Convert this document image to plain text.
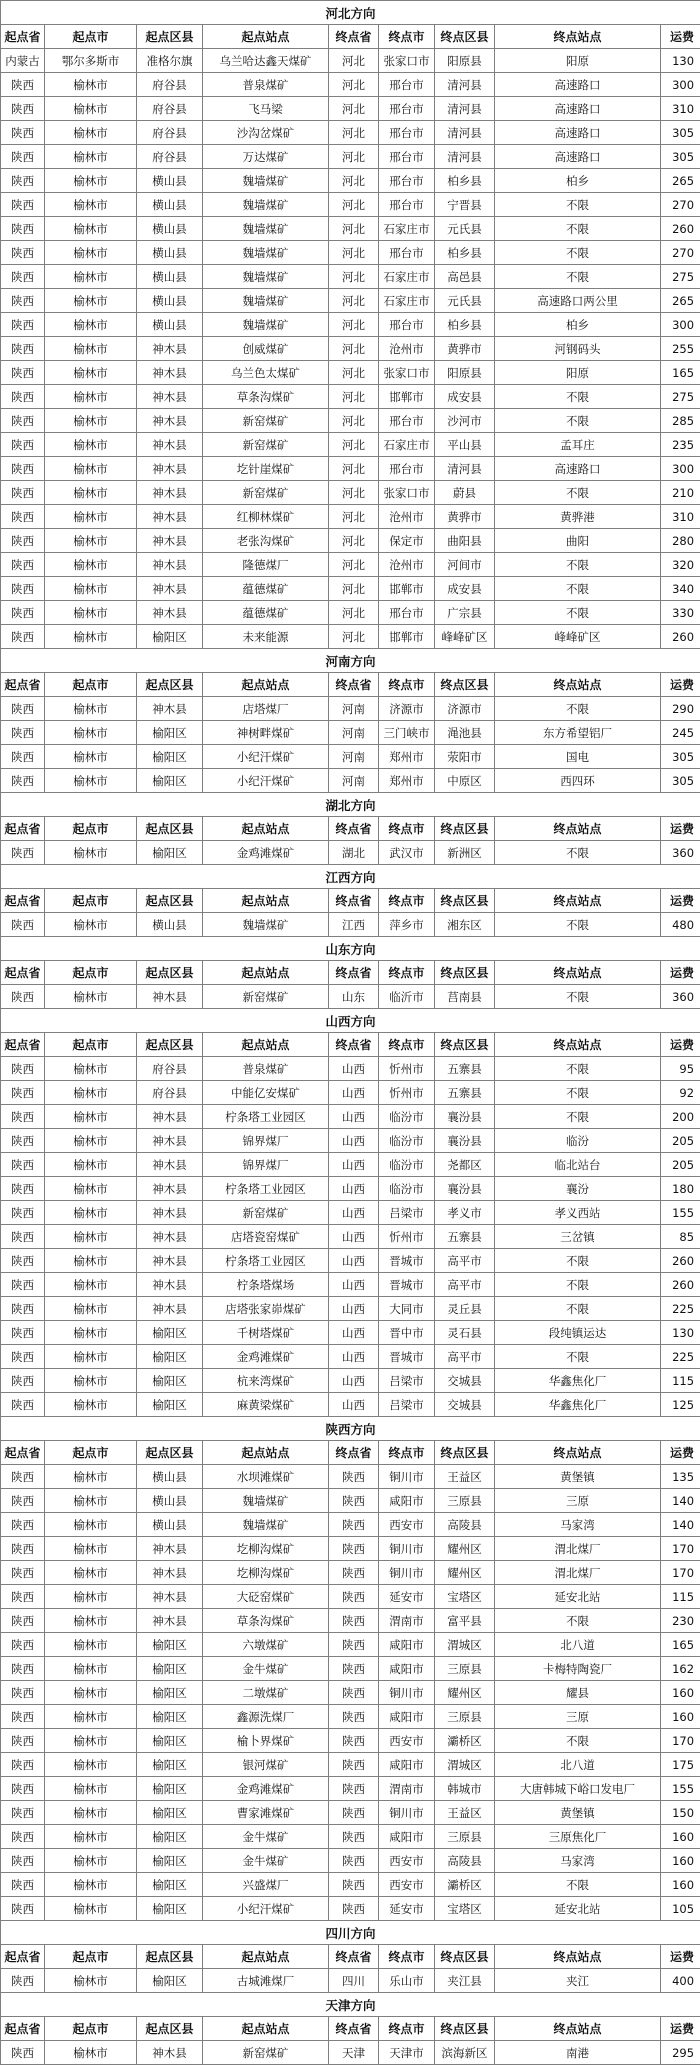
河北方向								
起点省	起点市	起点区县	起点站点	终点省	终点市	终点区县	终点站点	运费
内蒙古	鄂尔多斯市	准格尔旗	乌兰哈达鑫天煤矿	河北	张家口市	阳原县	阳原	130
陕西	榆林市	府谷县	普泉煤矿	河北	邢台市	清河县	高速路口	300
陕西	榆林市	府谷县	飞马梁	河北	邢台市	清河县	高速路口	310
陕西	榆林市	府谷县	沙沟岔煤矿	河北	邢台市	清河县	高速路口	305
陕西	榆林市	府谷县	万达煤矿	河北	邢台市	清河县	高速路口	305
陕西	榆林市	横山县	魏墙煤矿	河北	邢台市	柏乡县	柏乡	265
陕西	榆林市	横山县	魏墙煤矿	河北	邢台市	宁晋县	不限	270
陕西	榆林市	横山县	魏墙煤矿	河北	石家庄市	元氏县	不限	260
陕西	榆林市	横山县	魏墙煤矿	河北	邢台市	柏乡县	不限	270
陕西	榆林市	横山县	魏墙煤矿	河北	石家庄市	高邑县	不限	275
陕西	榆林市	横山县	魏墙煤矿	河北	石家庄市	元氏县	高速路口两公里	265
陕西	榆林市	横山县	魏墙煤矿	河北	邢台市	柏乡县	柏乡	300
陕西	榆林市	神木县	创威煤矿	河北	沧州市	黄骅市	河钢码头	255
陕西	榆林市	神木县	乌兰色太煤矿	河北	张家口市	阳原县	阳原	165
陕西	榆林市	神木县	草条沟煤矿	河北	邯郸市	成安县	不限	275
陕西	榆林市	神木县	新窑煤矿	河北	邢台市	沙河市	不限	285
陕西	榆林市	神木县	新窑煤矿	河北	石家庄市	平山县	孟耳庄	235
陕西	榆林市	神木县	圪针崖煤矿	河北	邢台市	清河县	高速路口	300
陕西	榆林市	神木县	新窑煤矿	河北	张家口市	蔚县	不限	210
陕西	榆林市	神木县	红柳林煤矿	河北	沧州市	黄骅市	黄骅港	310
陕西	榆林市	神木县	老张沟煤矿	河北	保定市	曲阳县	曲阳	280
陕西	榆林市	神木县	隆德煤厂	河北	沧州市	河间市	不限	320
陕西	榆林市	神木县	蕴德煤矿	河北	邯郸市	成安县	不限	340
陕西	榆林市	神木县	蕴德煤矿	河北	邢台市	广宗县	不限	330
陕西	榆林市	榆阳区	未来能源	河北	邯郸市	峰峰矿区	峰峰矿区	260
河南方向								
起点省	起点市	起点区县	起点站点	终点省	终点市	终点区县	终点站点	运费
陕西	榆林市	神木县	店塔煤厂	河南	济源市	济源市	不限	290
陕西	榆林市	榆阳区	神树畔煤矿	河南	三门峡市	渑池县	东方希望铝厂	245
陕西	榆林市	榆阳区	小纪汗煤矿	河南	郑州市	荥阳市	国电	305
陕西	榆林市	榆阳区	小纪汗煤矿	河南	郑州市	中原区	西四环	305
湖北方向								
起点省	起点市	起点区县	起点站点	终点省	终点市	终点区县	终点站点	运费
陕西	榆林市	榆阳区	金鸡滩煤矿	湖北	武汉市	新洲区	不限	360
江西方向								
起点省	起点市	起点区县	起点站点	终点省	终点市	终点区县	终点站点	运费
陕西	榆林市	横山县	魏墙煤矿	江西	萍乡市	湘东区	不限	480
山东方向								
起点省	起点市	起点区县	起点站点	终点省	终点市	终点区县	终点站点	运费
陕西	榆林市	神木县	新窑煤矿	山东	临沂市	莒南县	不限	360
山西方向								
起点省	起点市	起点区县	起点站点	终点省	终点市	终点区县	终点站点	运费
陕西	榆林市	府谷县	普泉煤矿	山西	忻州市	五寨县	不限	95
陕西	榆林市	府谷县	中能亿安煤矿	山西	忻州市	五寨县	不限	92
陕西	榆林市	神木县	柠条塔工业园区	山西	临汾市	襄汾县	不限	200
陕西	榆林市	神木县	锦界煤厂	山西	临汾市	襄汾县	临汾	205
陕西	榆林市	神木县	锦界煤厂	山西	临汾市	尧都区	临北站台	205
陕西	榆林市	神木县	柠条塔工业园区	山西	临汾市	襄汾县	襄汾	180
陕西	榆林市	神木县	新窑煤矿	山西	吕梁市	孝义市	孝义西站	155
陕西	榆林市	神木县	店塔瓷窑煤矿	山西	忻州市	五寨县	三岔镇	85
陕西	榆林市	神木县	柠条塔工业园区	山西	晋城市	高平市	不限	260
陕西	榆林市	神木县	柠条塔煤场	山西	晋城市	高平市	不限	260
陕西	榆林市	神木县	店塔张家峁煤矿	山西	大同市	灵丘县	不限	225
陕西	榆林市	榆阳区	千树塔煤矿	山西	晋中市	灵石县	段纯镇运达	130
陕西	榆林市	榆阳区	金鸡滩煤矿	山西	晋城市	高平市	不限	225
陕西	榆林市	榆阳区	杭来湾煤矿	山西	吕梁市	交城县	华鑫焦化厂	115
陕西	榆林市	榆阳区	麻黄梁煤矿	山西	吕梁市	交城县	华鑫焦化厂	125
陕西方向								
起点省	起点市	起点区县	起点站点	终点省	终点市	终点区县	终点站点	运费
陕西	榆林市	横山县	水坝滩煤矿	陕西	铜川市	王益区	黄堡镇	135
陕西	榆林市	横山县	魏墙煤矿	陕西	咸阳市	三原县	三原	140
陕西	榆林市	横山县	魏墙煤矿	陕西	西安市	高陵县	马家湾	140
陕西	榆林市	神木县	圪柳沟煤矿	陕西	铜川市	耀州区	渭北煤厂	170
陕西	榆林市	神木县	圪柳沟煤矿	陕西	铜川市	耀州区	渭北煤厂	170
陕西	榆林市	神木县	大砭窑煤矿	陕西	延安市	宝塔区	延安北站	115
陕西	榆林市	神木县	草条沟煤矿	陕西	渭南市	富平县	不限	230
陕西	榆林市	榆阳区	六墩煤矿	陕西	咸阳市	渭城区	北八道	165
陕西	榆林市	榆阳区	金牛煤矿	陕西	咸阳市	三原县	卡梅特陶瓷厂	162
陕西	榆林市	榆阳区	二墩煤矿	陕西	铜川市	耀州区	耀县	160
陕西	榆林市	榆阳区	鑫源洗煤厂	陕西	咸阳市	三原县	三原	160
陕西	榆林市	榆阳区	榆卜界煤矿	陕西	西安市	灞桥区	不限	170
陕西	榆林市	榆阳区	银河煤矿	陕西	咸阳市	渭城区	北八道	175
陕西	榆林市	榆阳区	金鸡滩煤矿	陕西	渭南市	韩城市	大唐韩城下峪口发电厂	155
陕西	榆林市	榆阳区	曹家滩煤矿	陕西	铜川市	王益区	黄堡镇	150
陕西	榆林市	榆阳区	金牛煤矿	陕西	咸阳市	三原县	三原焦化厂	160
陕西	榆林市	榆阳区	金牛煤矿	陕西	西安市	高陵县	马家湾	160
陕西	榆林市	榆阳区	兴盛煤厂	陕西	西安市	灞桥区	不限	160
陕西	榆林市	榆阳区	小纪汗煤矿	陕西	延安市	宝塔区	延安北站	105
四川方向								
起点省	起点市	起点区县	起点站点	终点省	终点市	终点区县	终点站点	运费
陕西	榆林市	榆阳区	古城滩煤厂	四川	乐山市	夹江县	夹江	400
天津方向								
起点省	起点市	起点区县	起点站点	终点省	终点市	终点区县	终点站点	运费
陕西	榆林市	神木县	新窑煤矿	天津	天津市	滨海新区	南港	295
